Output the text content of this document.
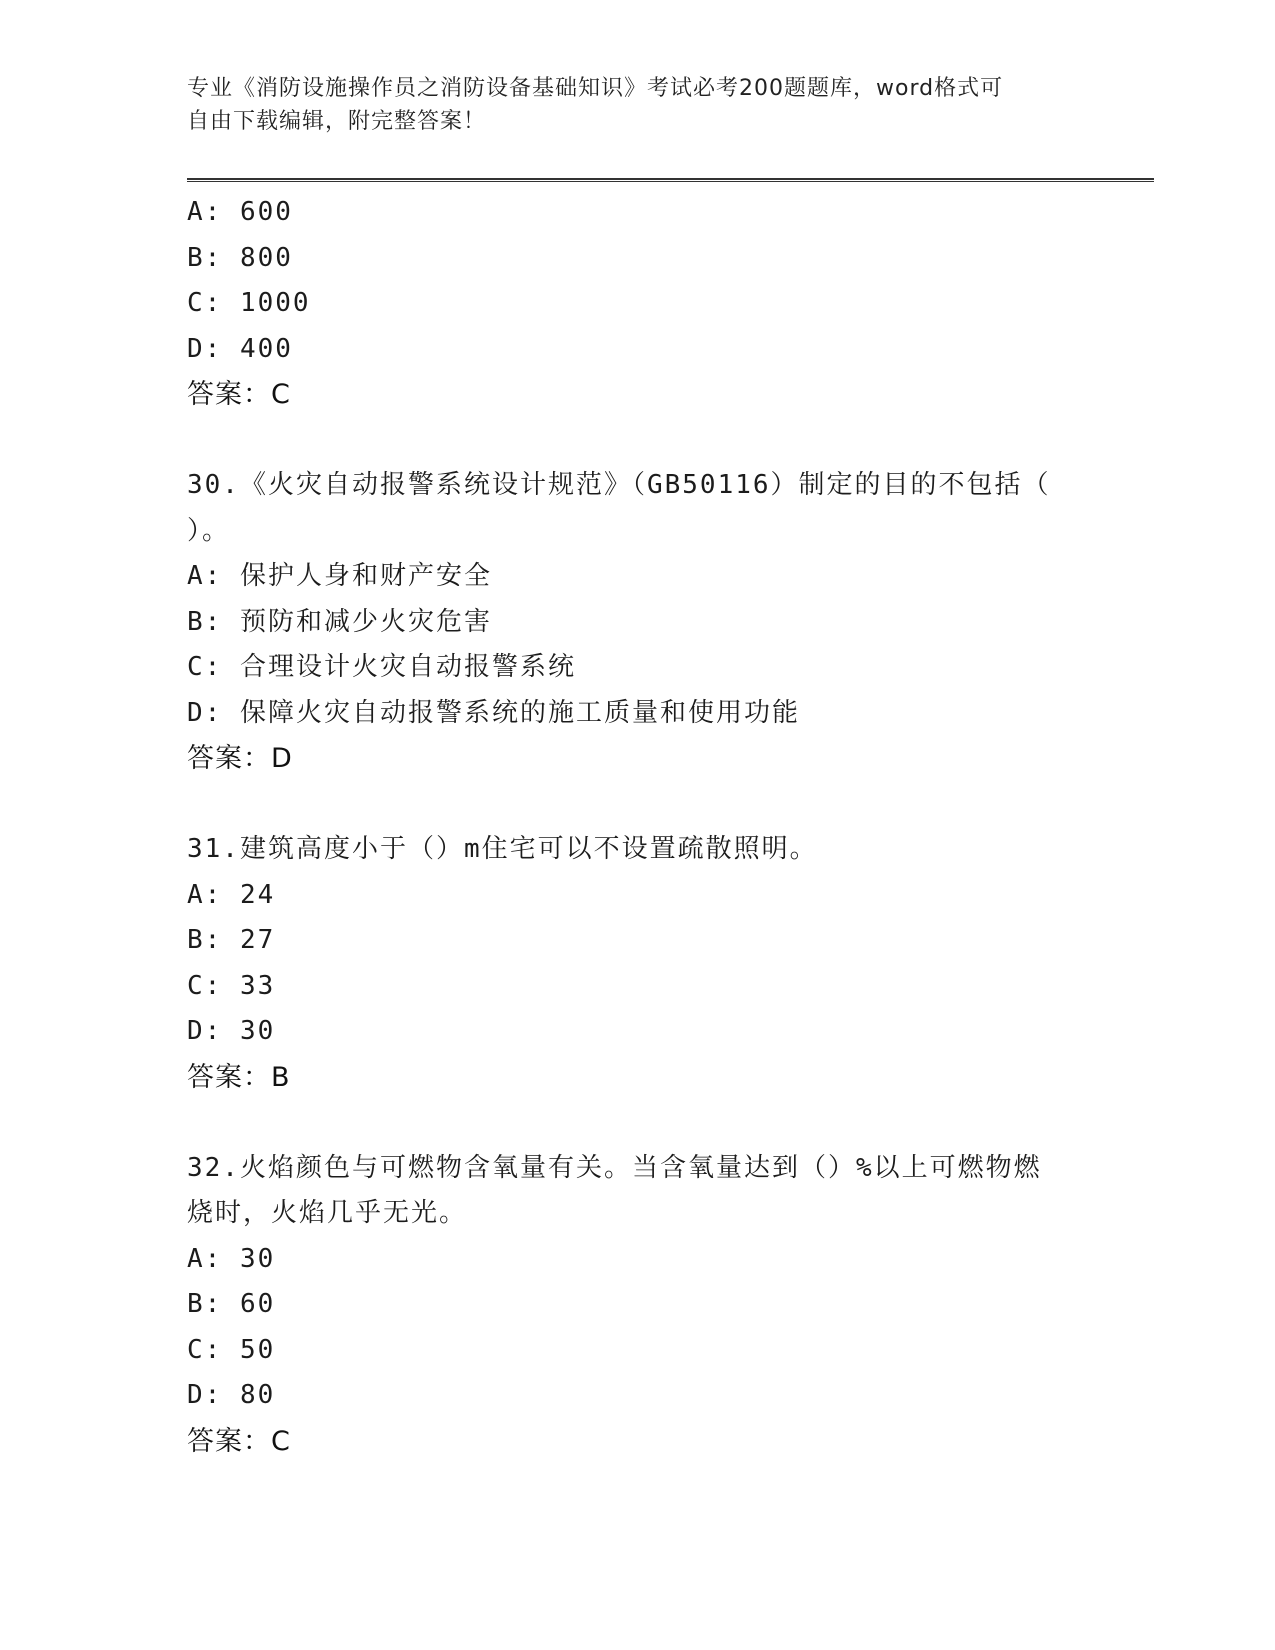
专业《消防设施操作员之消防设备基础知识》考试必考200题题库，word格式可
自由下载编辑，附完整答案！
A: 600
B: 800
C: 1000
D: 400
答案：C
30.《火灾自动报警系统设计规范》（GB50116）制定的目的不包括（
）。
A: 保护人身和财产安全
B: 预防和减少火灾危害
C: 合理设计火灾自动报警系统
D: 保障火灾自动报警系统的施工质量和使用功能
答案：D
31.建筑高度小于（）m住宅可以不设置疏散照明。
A: 24
B: 27
C: 33
D: 30
答案：B
32.火焰颜色与可燃物含氧量有关。当含氧量达到（）%以上可燃物燃
烧时，火焰几乎无光。
A: 30
B: 60
C: 50
D: 80
答案：C
